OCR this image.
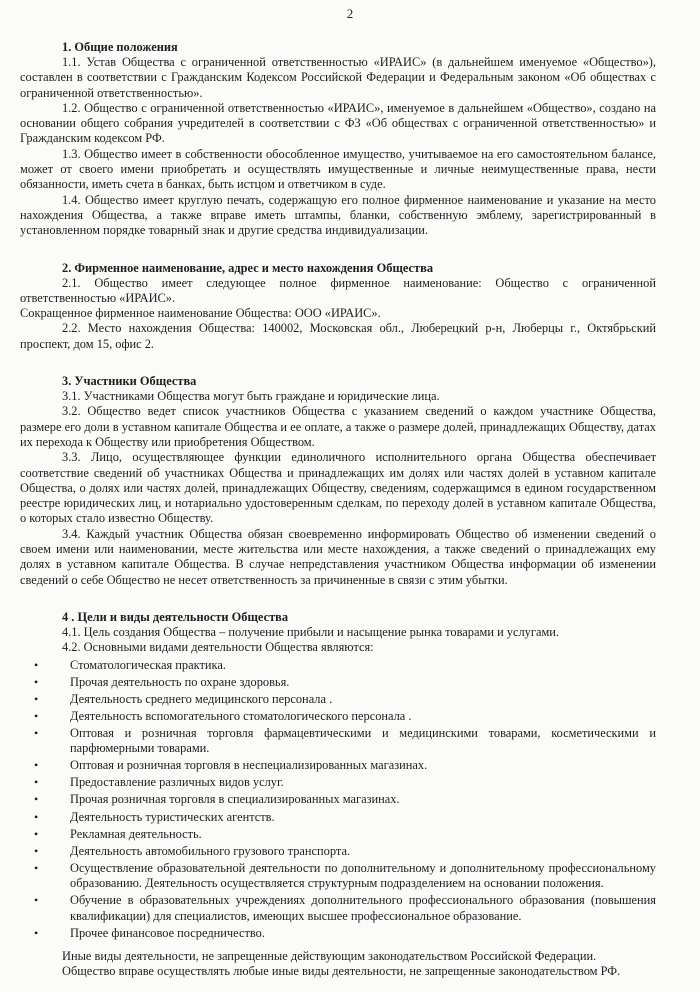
2
1. Общие положения

1.1. Устав Общества с ограниченной ответственностью «ИРАИС» (в дальнейшем именуемое «Общество»), составлен в соответствии с Гражданским Кодексом Российской Федерации и Федеральным законом «Об обществах с ограниченной ответственностью».

1.2. Общество с ограниченной ответственностью «ИРАИС», именуемое в дальнейшем «Общество», создано на основании общего собрания учредителей в соответствии с ФЗ «Об обществах с ограниченной ответственностью» и Гражданским кодексом РФ.

1.3. Общество имеет в собственности обособленное имущество, учитываемое на его самостоятельном балансе, может от своего имени приобретать и осуществлять имущественные и личные неимущественные права, нести обязанности, иметь счета в банках, быть истцом и ответчиком в суде.

1.4. Общество имеет круглую печать, содержащую его полное фирменное наименование и указание на место нахождения Общества, а также вправе иметь штампы, бланки, собственную эмблему, зарегистрированный в установленном порядке товарный знак и другие средства индивидуализации.

2. Фирменное наименование, адрес и место нахождения Общества

2.1. Общество имеет следующее полное фирменное наименование: Общество с ограниченной ответственностью «ИРАИС».

Сокращенное фирменное наименование Общества: ООО «ИРАИС».

2.2. Место нахождения Общества: 140002, Московская обл., Люберецкий р-н, Люберцы г., Октябрьский проспект, дом 15, офис 2.

3. Участники Общества

3.1. Участниками Общества могут быть граждане и юридические лица.

3.2. Общество ведет список участников Общества с указанием сведений о каждом участнике Общества, размере его доли в уставном капитале Общества и ее оплате, а также о размере долей, принадлежащих Обществу, датах их перехода к Обществу или приобретения Обществом.

3.3. Лицо, осуществляющее функции единоличного исполнительного органа Общества обеспечивает соответствие сведений об участниках Общества и принадлежащих им долях или частях долей в уставном капитале Общества, о долях или частях долей, принадлежащих Обществу, сведениям, содержащимся в едином государственном реестре юридических лиц, и нотариально удостоверенным сделкам, по переходу долей в уставном капитале Общества, о которых стало известно Обществу.

3.4. Каждый участник Общества обязан своевременно информировать Общество об изменении сведений о своем имени или наименовании, месте жительства или месте нахождения, а также сведений о принадлежащих ему долях в уставном капитале Общества. В случае непредставления участником Общества информации об изменении сведений о себе Общество не несет ответственность за причиненные в связи с этим убытки.

4 . Цели и виды деятельности Общества

4.1. Цель создания Общества – получение прибыли и насыщение рынка товарами и услугами.

4.2. Основными видами деятельности Общества являются:

•	Стоматологическая практика.
•	Прочая деятельность по охране здоровья.
•	Деятельность среднего медицинского персонала .
•	Деятельность вспомогательного стоматологического персонала .
•	Оптовая и розничная торговля фармацевтическими и медицинскими товарами, косметическими и парфюмерными товарами.
•	Оптовая и розничная торговля в неспециализированных магазинах.
•	Предоставление различных видов услуг.
•	Прочая розничная торговля в специализированных магазинах.
•	Деятельность туристических агентств.
•	Рекламная деятельность.
•	Деятельность автомобильного грузового транспорта.
•	Осуществление образовательной деятельности по дополнительному и дополнительному профессиональному образованию. Деятельность осуществляется структурным подразделением на основании положения.
•	Обучение в образовательных учреждениях дополнительного профессионального образования (повышения квалификации) для специалистов, имеющих высшее профессиональное образование.
•	Прочее финансовое посредничество.

Иные виды деятельности, не запрещенные действующим законодательством Российской Федерации.

Общество вправе осуществлять любые иные виды деятельности, не запрещенные законодательством РФ.
